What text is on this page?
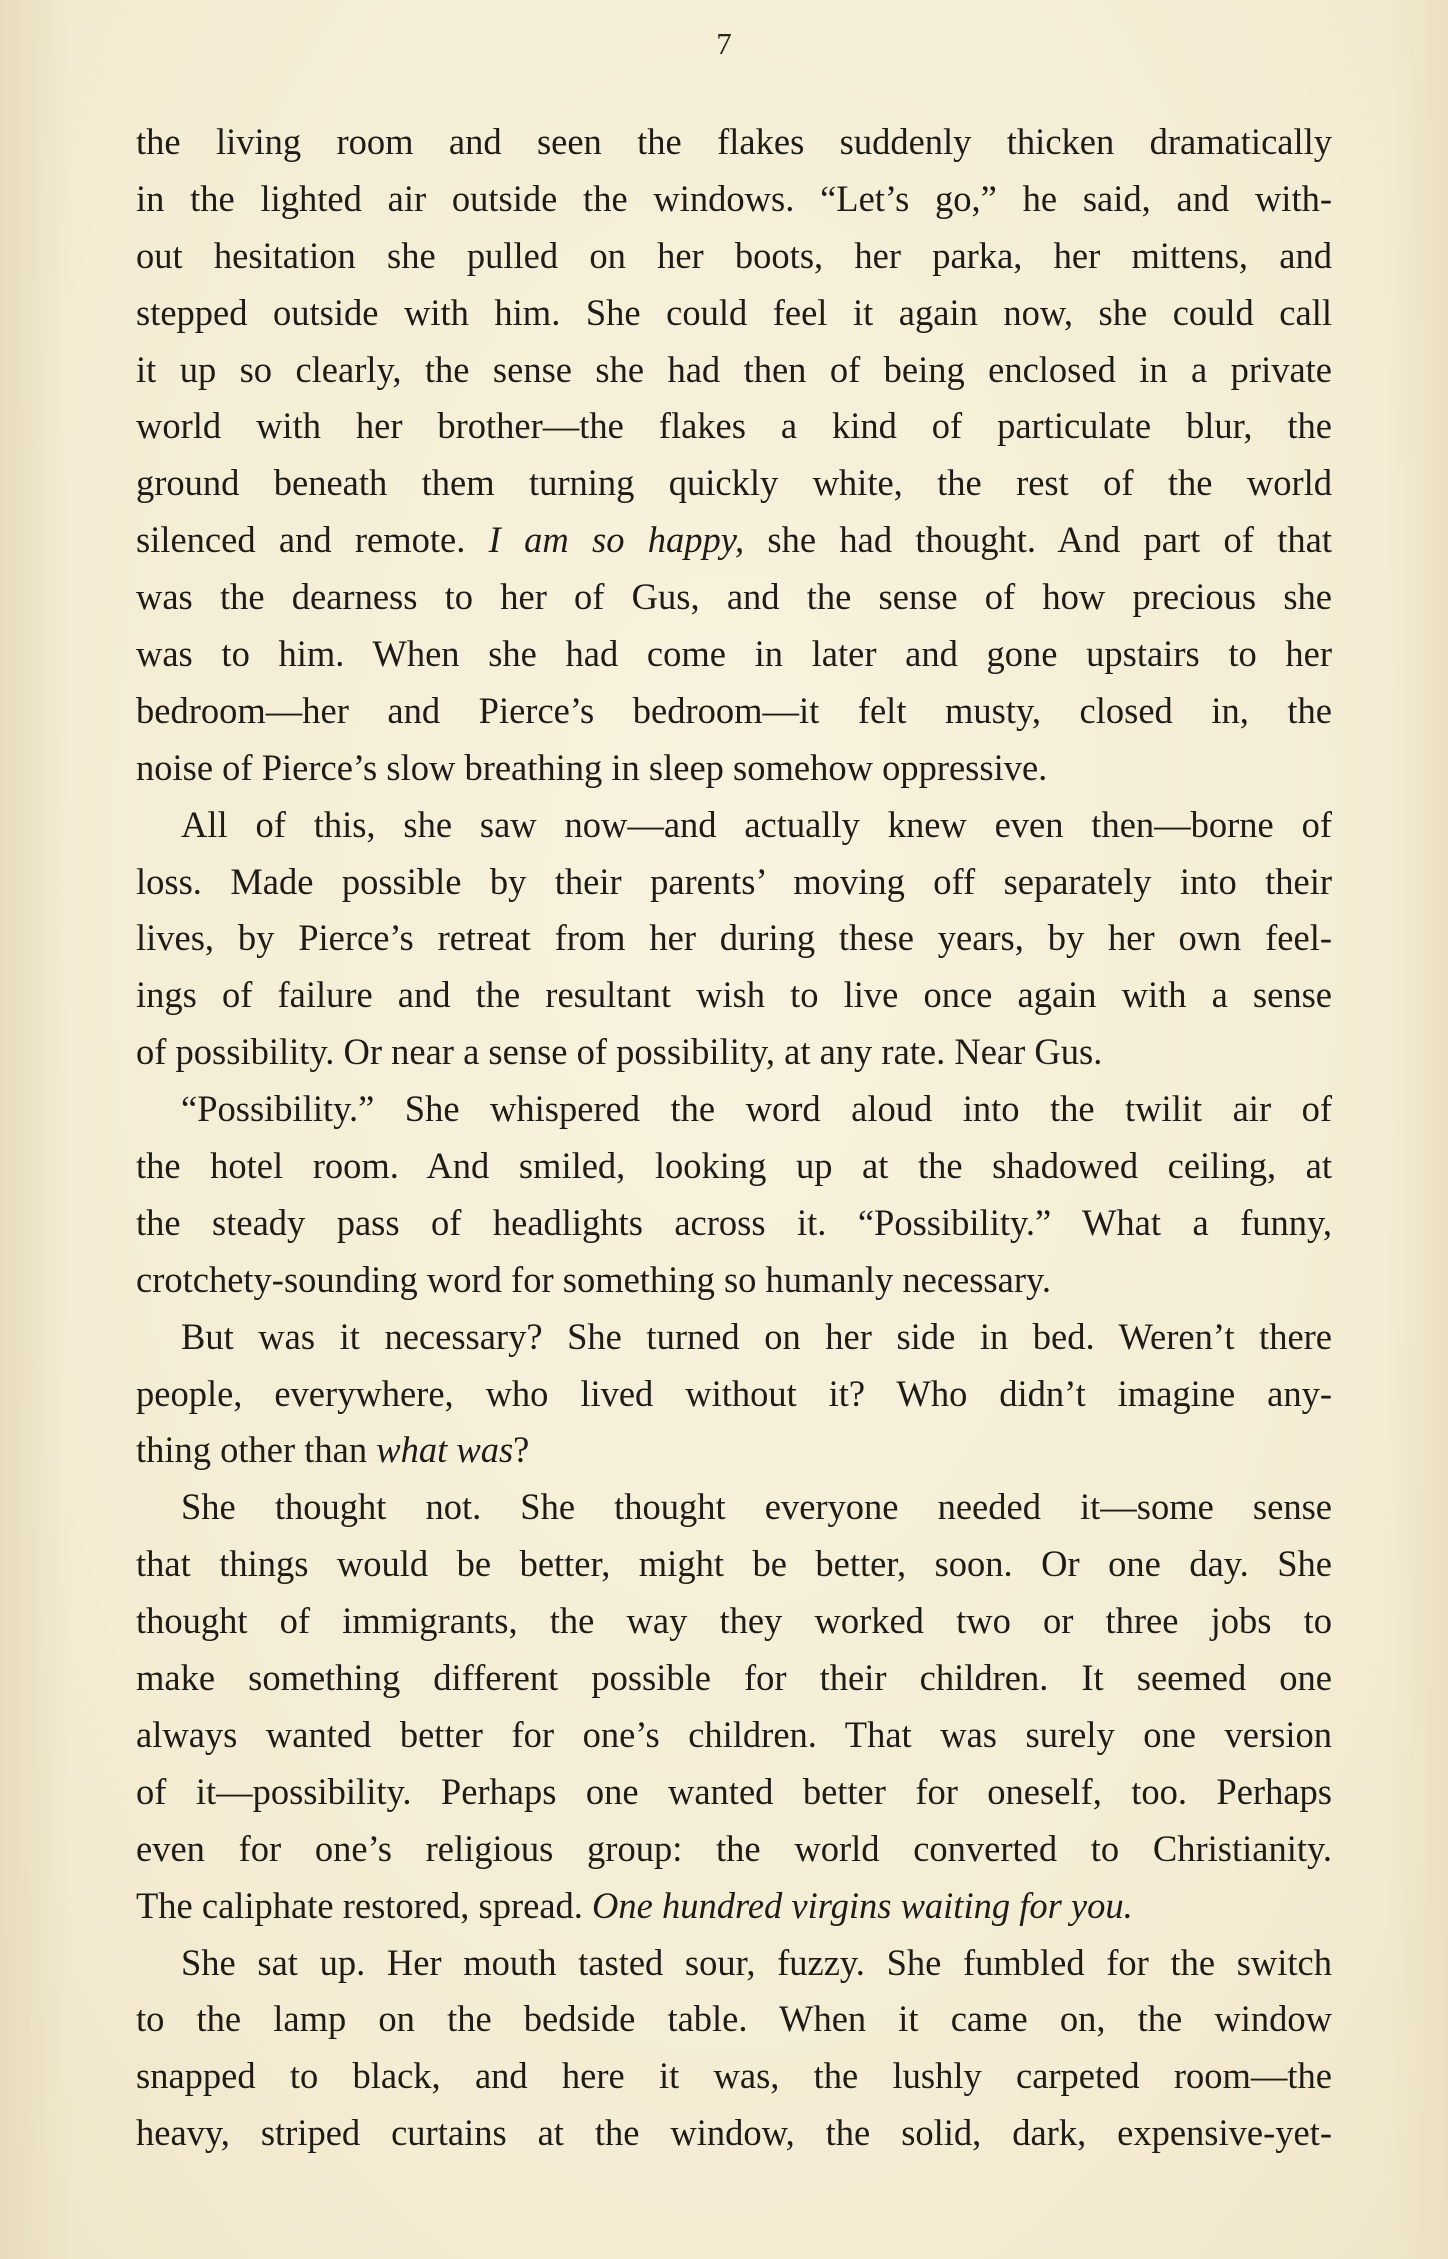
7
the living room and seen the flakes suddenly thicken dramatically
in the lighted air outside the windows. “Let’s go,” he said, and with-
out hesitation she pulled on her boots, her parka, her mittens, and
stepped outside with him. She could feel it again now, she could call
it up so clearly, the sense she had then of being enclosed in a private
world with her brother—the flakes a kind of particulate blur, the
ground beneath them turning quickly white, the rest of the world
silenced and remote. I am so happy, she had thought. And part of that
was the dearness to her of Gus, and the sense of how precious she
was to him. When she had come in later and gone upstairs to her
bedroom—her and Pierce’s bedroom—it felt musty, closed in, the
noise of Pierce’s slow breathing in sleep somehow oppressive.
All of this, she saw now—and actually knew even then—borne of
loss. Made possible by their parents’ moving off separately into their
lives, by Pierce’s retreat from her during these years, by her own feel-
ings of failure and the resultant wish to live once again with a sense
of possibility. Or near a sense of possibility, at any rate. Near Gus.
“Possibility.” She whispered the word aloud into the twilit air of
the hotel room. And smiled, looking up at the shadowed ceiling, at
the steady pass of headlights across it. “Possibility.” What a funny,
crotchety-sounding word for something so humanly necessary.
But was it necessary? She turned on her side in bed. Weren’t there
people, everywhere, who lived without it? Who didn’t imagine any-
thing other than what was?
She thought not. She thought everyone needed it—some sense
that things would be better, might be better, soon. Or one day. She
thought of immigrants, the way they worked two or three jobs to
make something different possible for their children. It seemed one
always wanted better for one’s children. That was surely one version
of it—possibility. Perhaps one wanted better for oneself, too. Perhaps
even for one’s religious group: the world converted to Christianity.
The caliphate restored, spread. One hundred virgins waiting for you.
She sat up. Her mouth tasted sour, fuzzy. She fumbled for the switch
to the lamp on the bedside table. When it came on, the window
snapped to black, and here it was, the lushly carpeted room—the
heavy, striped curtains at the window, the solid, dark, expensive-yet-
